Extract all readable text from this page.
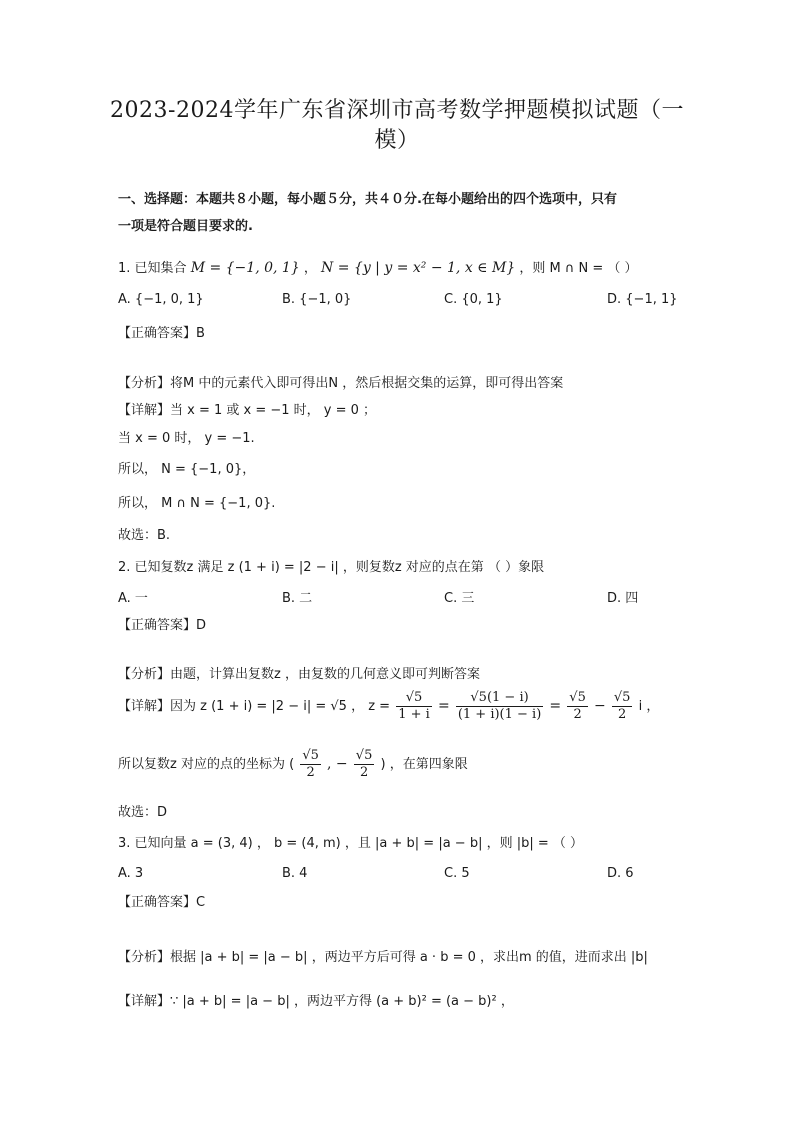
2023-2024学年广东省深圳市高考数学押题模拟试题（一
模）
一、选择题：本题共８小题，每小题５分，共４０分.在每小题给出的四个选项中，只有
一项是符合题目要求的.
1. 已知集合 M = {−1, 0, 1} ， N = {y | y = x² − 1, x ∈ M} ，则 M ∩ N = （ ）
A. {−1, 0, 1}	B. {−1, 0}	C. {0, 1}	D. {−1, 1}
【正确答案】B
【分析】将M 中的元素代入即可得出N ，然后根据交集的运算，即可得出答案
【详解】当 x = 1 或 x = −1 时， y = 0 ；
当 x = 0 时， y = −1.
所以， N = {−1, 0}，
所以， M ∩ N = {−1, 0}.
故选：B.
2. 已知复数z 满足 z (1 + i) = |2 − i| ，则复数z 对应的点在第 （ ）象限
A. 一	B. 二	C. 三	D. 四
【正确答案】D
【分析】由题，计算出复数z ，由复数的几何意义即可判断答案
【详解】因为 z (1 + i) = |2 − i| = √5 ， $z = \frac{√5}{1 + i} = \frac{√5(1 - i)}{(1 + i)(1 - i)} = \frac{√5}{2} - \frac{√5}{2}$ i ，
所以复数z 对应的点的坐标为 ( $\frac{√5}{2}$ , − $\frac{√5}{2}$ ) ，在第四象限
故选：D
3. 已知向量 a = (3, 4) ， b = (4, m) ，且 |a + b| = |a − b| ，则 |b| = （ ）
A. 3	B. 4	C. 5	D. 6
【正确答案】C
【分析】根据 |a + b| = |a − b| ，两边平方后可得 a · b = 0 ，求出m 的值，进而求出 |b|
【详解】∵ |a + b| = |a − b| ，两边平方得 (a + b)² = (a − b)² ，
